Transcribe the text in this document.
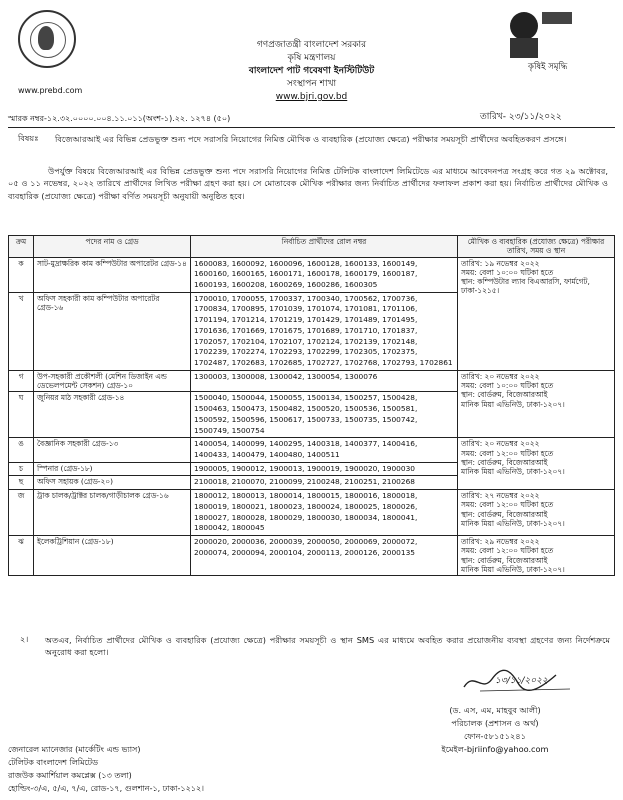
www.prebd.com
গণপ্রজাতন্ত্রী বাংলাদেশ সরকার
কৃষি মন্ত্রণালয়
বাংলাদেশ পাট গবেষণা ইনস্টিটিউট
সংস্থাপন শাখা
www.bjri.gov.bd
কৃষিই সমৃদ্ধি
স্মারক নম্বর-১২.৩২.০০০০.০০৪.১১.০১১(অংশ-১).২২. ১২৭৪ (৫০)	তারিখ- ২৩/১১/২০২২
বিষয়ঃ বিজেআরআই এর বিভিন্ন প্রেডভুক্ত শুন্য পদে সরাসরি নিয়োগের নিমিত্ত মৌখিক ও ব্যবহারিক (প্রযোজ্য ক্ষেত্রে) পরীক্ষার সময়সূচী প্রার্থীদের অবহিতকরণ প্রসঙ্গে।
উপর্যুক্ত বিষয়ে বিজেআরআই এর বিভিন্ন প্রেডভুক্ত শুন্য পদে সরাসরি নিয়োগের নিমিত্ত টেলিটক বাংলাদেশ লিমিটেডে এর মাধ্যমে আবেদনপত্র সংগ্রহ করে গত ২৯ অক্টোবর, ০৫ ও ১১ নভেম্বর, ২০২২ তারিখে প্রার্থীদের লিখিত পরীক্ষা গ্রহণ করা হয়। সে মোতাবেক মৌখিক পরীক্ষার জন্য নির্বাচিত প্রার্থীদের ফলাফল প্রকাশ করা হয়। নির্বাচিত প্রার্থীদের মৌখিক ও ব্যবহারিক (প্রযোজ্য ক্ষেত্রে) পরীক্ষা বর্ণিত সময়সূচী অনুযায়ী অনুষ্ঠিত হবে।
ক্রম	পদের নাম ও গ্রেড	নির্বাচিত প্রার্থীদের রোল নম্বর	মৌখিক ও ব্যবহারিক (প্রযোজ্য ক্ষেত্রে) পরীক্ষার তারিখ, সময় ও স্থান
ক	সাট-মুদ্রাক্ষরিক কাম কম্পিউটার অপারেটর গ্রেড-১৪	1600083, 1600092, 1600096, 1600128, 1600133, 1600149, 1600160, 1600165, 1600171, 1600178, 1600179, 1600187, 1600193, 1600208, 1600269, 1600286, 1600305	তারিখ: ১৯ নভেম্বর ২০২২
সময়: বেলা ১০:০০ ঘটিকা হতে
স্থান: কম্পিউটার ল্যাব বিএআরসি, ফার্মগেট, ঢাকা-১২১৫।
খ	অফিস সহকারী কাম কম্পিউটার অপারেটর গ্রেড-১৬	1700010, 1700055, 1700337, 1700340, 1700562, 1700736, 1700834, 1700895, 1701039, 1701074, 1701081, 1701106, 1701194, 1701214, 1701219, 1701429, 1701489, 1701495, 1701636, 1701669, 1701675, 1701689, 1701710, 1701837, 1702057, 1702104, 1702107, 1702124, 1702139, 1702148, 1702239, 1702274, 1702293, 1702299, 1702305, 1702375, 1702487, 1702683, 1702685, 1702727, 1702768, 1702793, 1702861	
গ	উপ-সহকারী প্রকৌশলী (মেশিন ডিজাইন এন্ড ডেভেলপমেন্ট সেকশন) গ্রেড-১০	1300003, 1300008, 1300042, 1300054, 1300076	তারিখ: ২০ নভেম্বর ২০২২
সময়: বেলা ১০:০০ ঘটিকা হতে
স্থান: বোর্ডরুম, বিজেআরআই
মানিক মিয়া এভিনিউ, ঢাকা-১২০৭।
ঘ	জুনিয়র মাঠ সহকারী গ্রেড-১৪	1500040, 1500044, 1500055, 1500134, 1500257, 1500428, 1500463, 1500473, 1500482, 1500520, 1500536, 1500581, 1500592, 1500596, 1500617, 1500733, 1500735, 1500742, 1500749, 1500754	
ঙ	বৈজ্ঞানিক সহকারী গ্রেড-১৩	1400054, 1400099, 1400295, 1400318, 1400377, 1400416, 1400433, 1400479, 1400480, 1400511	তারিখ: ২০ নভেম্বর ২০২২
সময়: বেলা ১২:০০ ঘটিকা হতে
স্থান: বোর্ডরুম, বিজেআরআই
মানিক মিয়া এভিনিউ, ঢাকা-১২০৭।
চ	স্পিনার (গ্রেড-১৮)	1900005, 1900012, 1900013, 1900019, 1900020, 1900030	
ছ	অফিস সহায়ক (গ্রেড-২০)	2100018, 2100070, 2100099, 2100248, 2100251, 2100268	
জ	ট্রাক চালক/ট্রাক্টর চালক/গাড়ীচালক গ্রেড-১৬	1800012, 1800013, 1800014, 1800015, 1800016, 1800018, 1800019, 1800021, 1800023, 1800024, 1800025, 1800026, 1800027, 1800028, 1800029, 1800030, 1800034, 1800041, 1800042, 1800045	তারিখ: ২৭ নভেম্বর ২০২২
সময়: বেলা ১২:০০ ঘটিকা হতে
স্থান: বোর্ডরুম, বিজেআরআই
মানিক মিয়া এভিনিউ, ঢাকা-১২০৭।
ঝ	ইলেকট্রিশিয়ান (গ্রেড-১৮)	2000020, 2000036, 2000039, 2000050, 2000069, 2000072, 2000074, 2000094, 2000104, 2000113, 2000126, 2000135	তারিখ: ২৯ নভেম্বর ২০২২
সময়: বেলা ১২:০০ ঘটিকা হতে
স্থান: বোর্ডরুম, বিজেআরআই
মানিক মিয়া এভিনিউ, ঢাকা-১২০৭।
২। অতএব, নির্বাচিত প্রার্থীদের মৌখিক ও ব্যবহারিক (প্রযোজ্য ক্ষেত্রে) পরীক্ষার সময়সূচী ও স্থান SMS এর মাধ্যমে অবহিত করার প্রয়োজনীয় ব্যবস্থা গ্রহণের জন্য নির্দেশক্রমে অনুরোধ করা হলো।
১৩/১১/২০২২
(ড. এস, এম, মাহবুব আলী)
পরিচালক (প্রশাসন ও অর্থ)
ফোন-৫৮১৫১২৪১
ইমেইল-bjriinfo@yahoo.com
জেনারেল ম্যানেজার (মার্কেটিং এন্ড ভ্যাস)
টেলিটক বাংলাদেশ লিমিটেড
রাজউক কমার্শিয়াল কমপ্লেক্স (১৩ তলা)
হোল্ডিং-৩/এ, ৫/এ, ৭/এ, রোড-১৭, গুলশান-১, ঢাকা-১২১২।
